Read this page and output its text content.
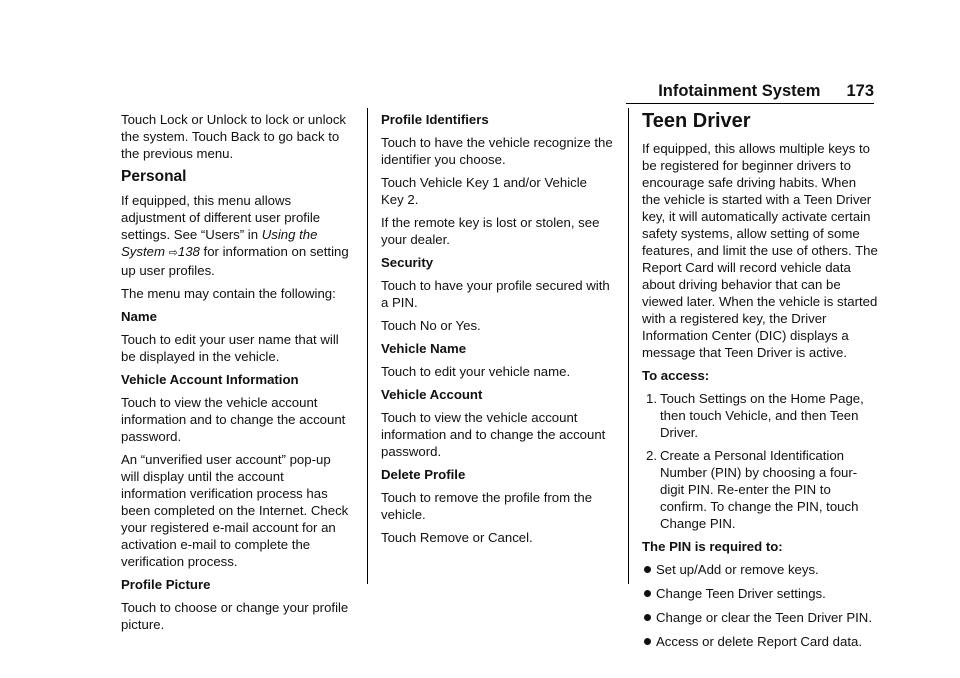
Infotainment System 173

Touch Lock or Unlock to lock or unlock the system. Touch Back to go back to the previous menu.

Personal

If equipped, this menu allows adjustment of different user profile settings. See “Users” in Using the System ⇨138 for information on setting up user profiles.

The menu may contain the following:

Name

Touch to edit your user name that will be displayed in the vehicle.

Vehicle Account Information

Touch to view the vehicle account information and to change the account password.

An “unverified user account” pop-up will display until the account information verification process has been completed on the Internet. Check your registered e-mail account for an activation e-mail to complete the verification process.

Profile Picture

Touch to choose or change your profile picture.

Profile Identifiers

Touch to have the vehicle recognize the identifier you choose.

Touch Vehicle Key 1 and/or Vehicle Key 2.

If the remote key is lost or stolen, see your dealer.

Security

Touch to have your profile secured with a PIN.

Touch No or Yes.

Vehicle Name

Touch to edit your vehicle name.

Vehicle Account

Touch to view the vehicle account information and to change the account password.

Delete Profile

Touch to remove the profile from the vehicle.

Touch Remove or Cancel.

Teen Driver

If equipped, this allows multiple keys to be registered for beginner drivers to encourage safe driving habits. When the vehicle is started with a Teen Driver key, it will automatically activate certain safety systems, allow setting of some features, and limit the use of others. The Report Card will record vehicle data about driving behavior that can be viewed later. When the vehicle is started with a registered key, the Driver Information Center (DIC) displays a message that Teen Driver is active.

To access:

1. Touch Settings on the Home Page, then touch Vehicle, and then Teen Driver.
2. Create a Personal Identification Number (PIN) by choosing a four-digit PIN. Re-enter the PIN to confirm. To change the PIN, touch Change PIN.

The PIN is required to:

Set up/Add or remove keys.
Change Teen Driver settings.
Change or clear the Teen Driver PIN.
Access or delete Report Card data.
